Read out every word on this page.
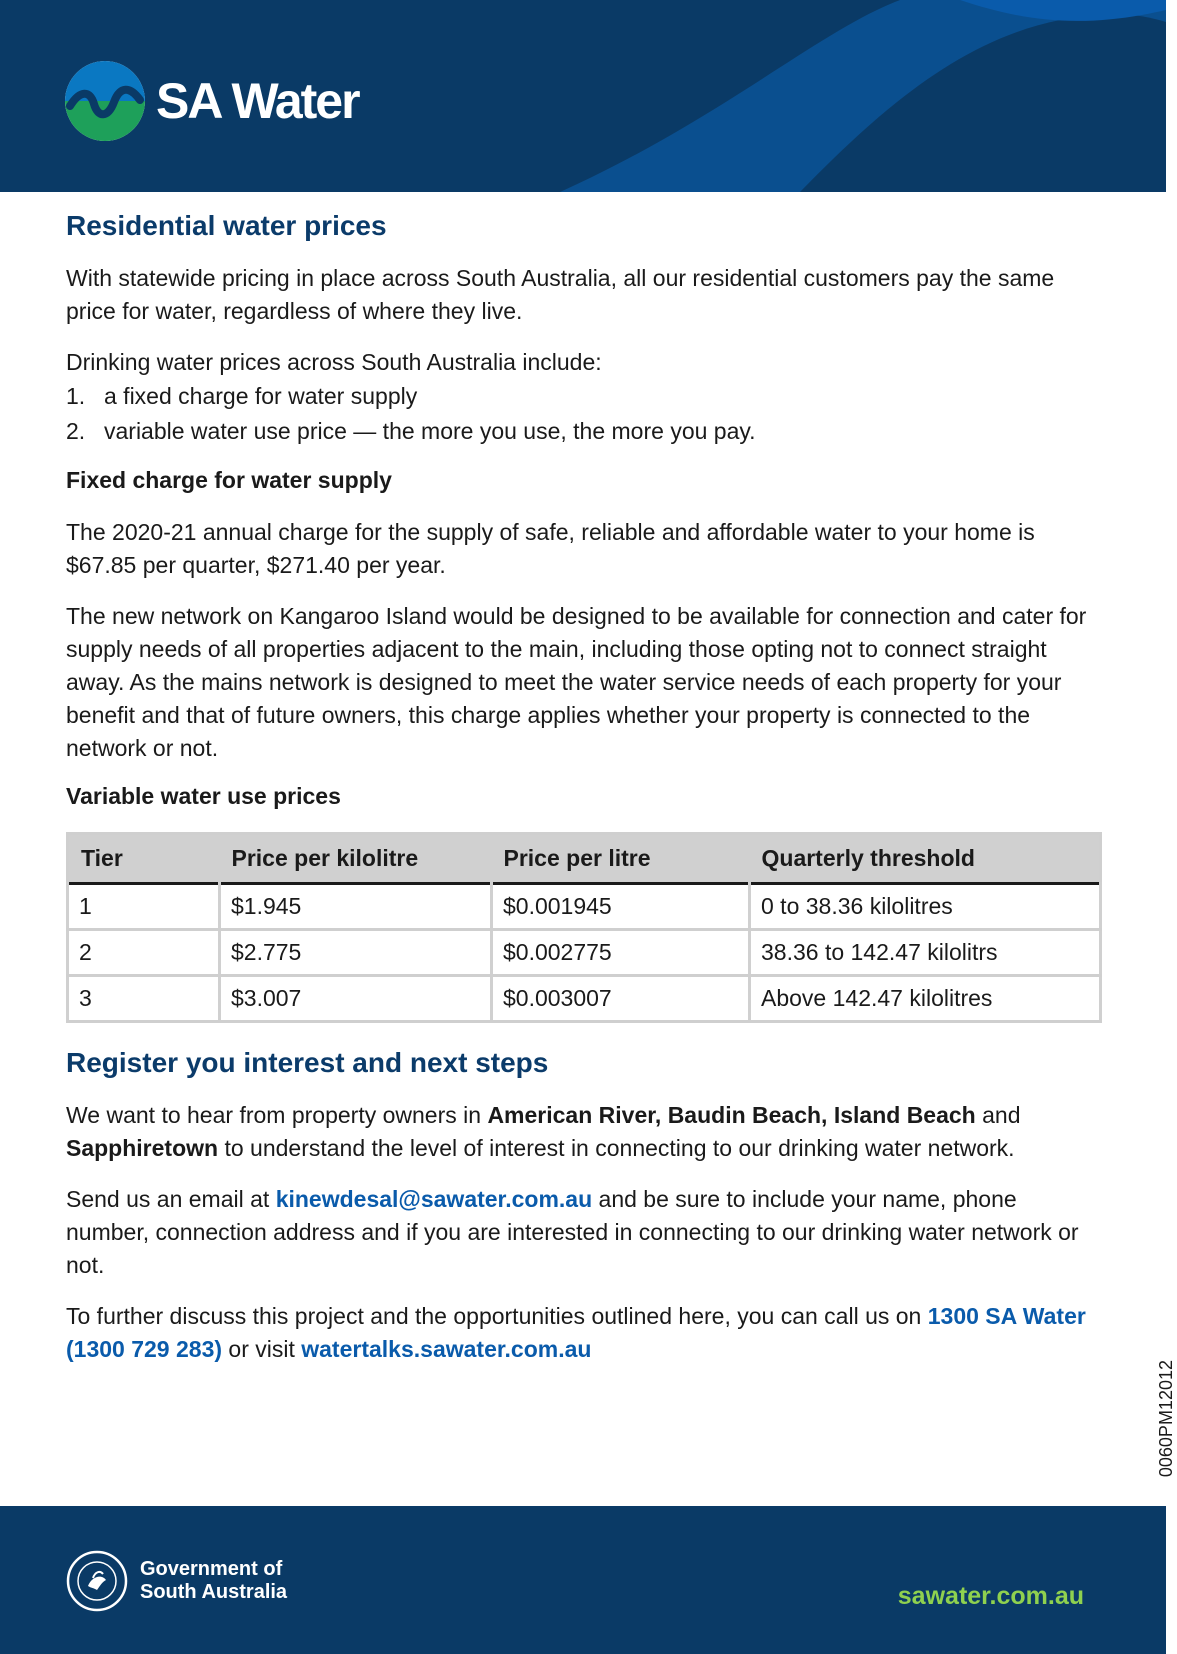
SA Water
Residential water prices

With statewide pricing in place across South Australia, all our residential customers pay the same price for water, regardless of where they live.

Drinking water prices across South Australia include:

1. a fixed charge for water supply
2. variable water use price — the more you use, the more you pay.
Fixed charge for water supply

The 2020-21 annual charge for the supply of safe, reliable and affordable water to your home is $67.85 per quarter, $271.40 per year.

The new network on Kangaroo Island would be designed to be available for connection and cater for supply needs of all properties adjacent to the main, including those opting not to connect straight away. As the mains network is designed to meet the water service needs of each property for your benefit and that of future owners, this charge applies whether your property is connected to the network or not.

Variable water use prices
Tier	Price per kilolitre	Price per litre	Quarterly threshold
1	$1.945	$0.001945	0 to 38.36 kilolitres
2	$2.775	$0.002775	38.36 to 142.47 kilolitrs
3	$3.007	$0.003007	Above 142.47 kilolitres
Register you interest and next steps

We want to hear from property owners in American River, Baudin Beach, Island Beach and Sapphiretown to understand the level of interest in connecting to our drinking water network.

Send us an email at kinewdesal@sawater.com.au and be sure to include your name, phone number, connection address and if you are interested in connecting to our drinking water network or not.

To further discuss this project and the opportunities outlined here, you can call us on 1300 SA Water (1300 729 283) or visit watertalks.sawater.com.au

0060PM12012
Government of
South Australia	sawater.com.au
